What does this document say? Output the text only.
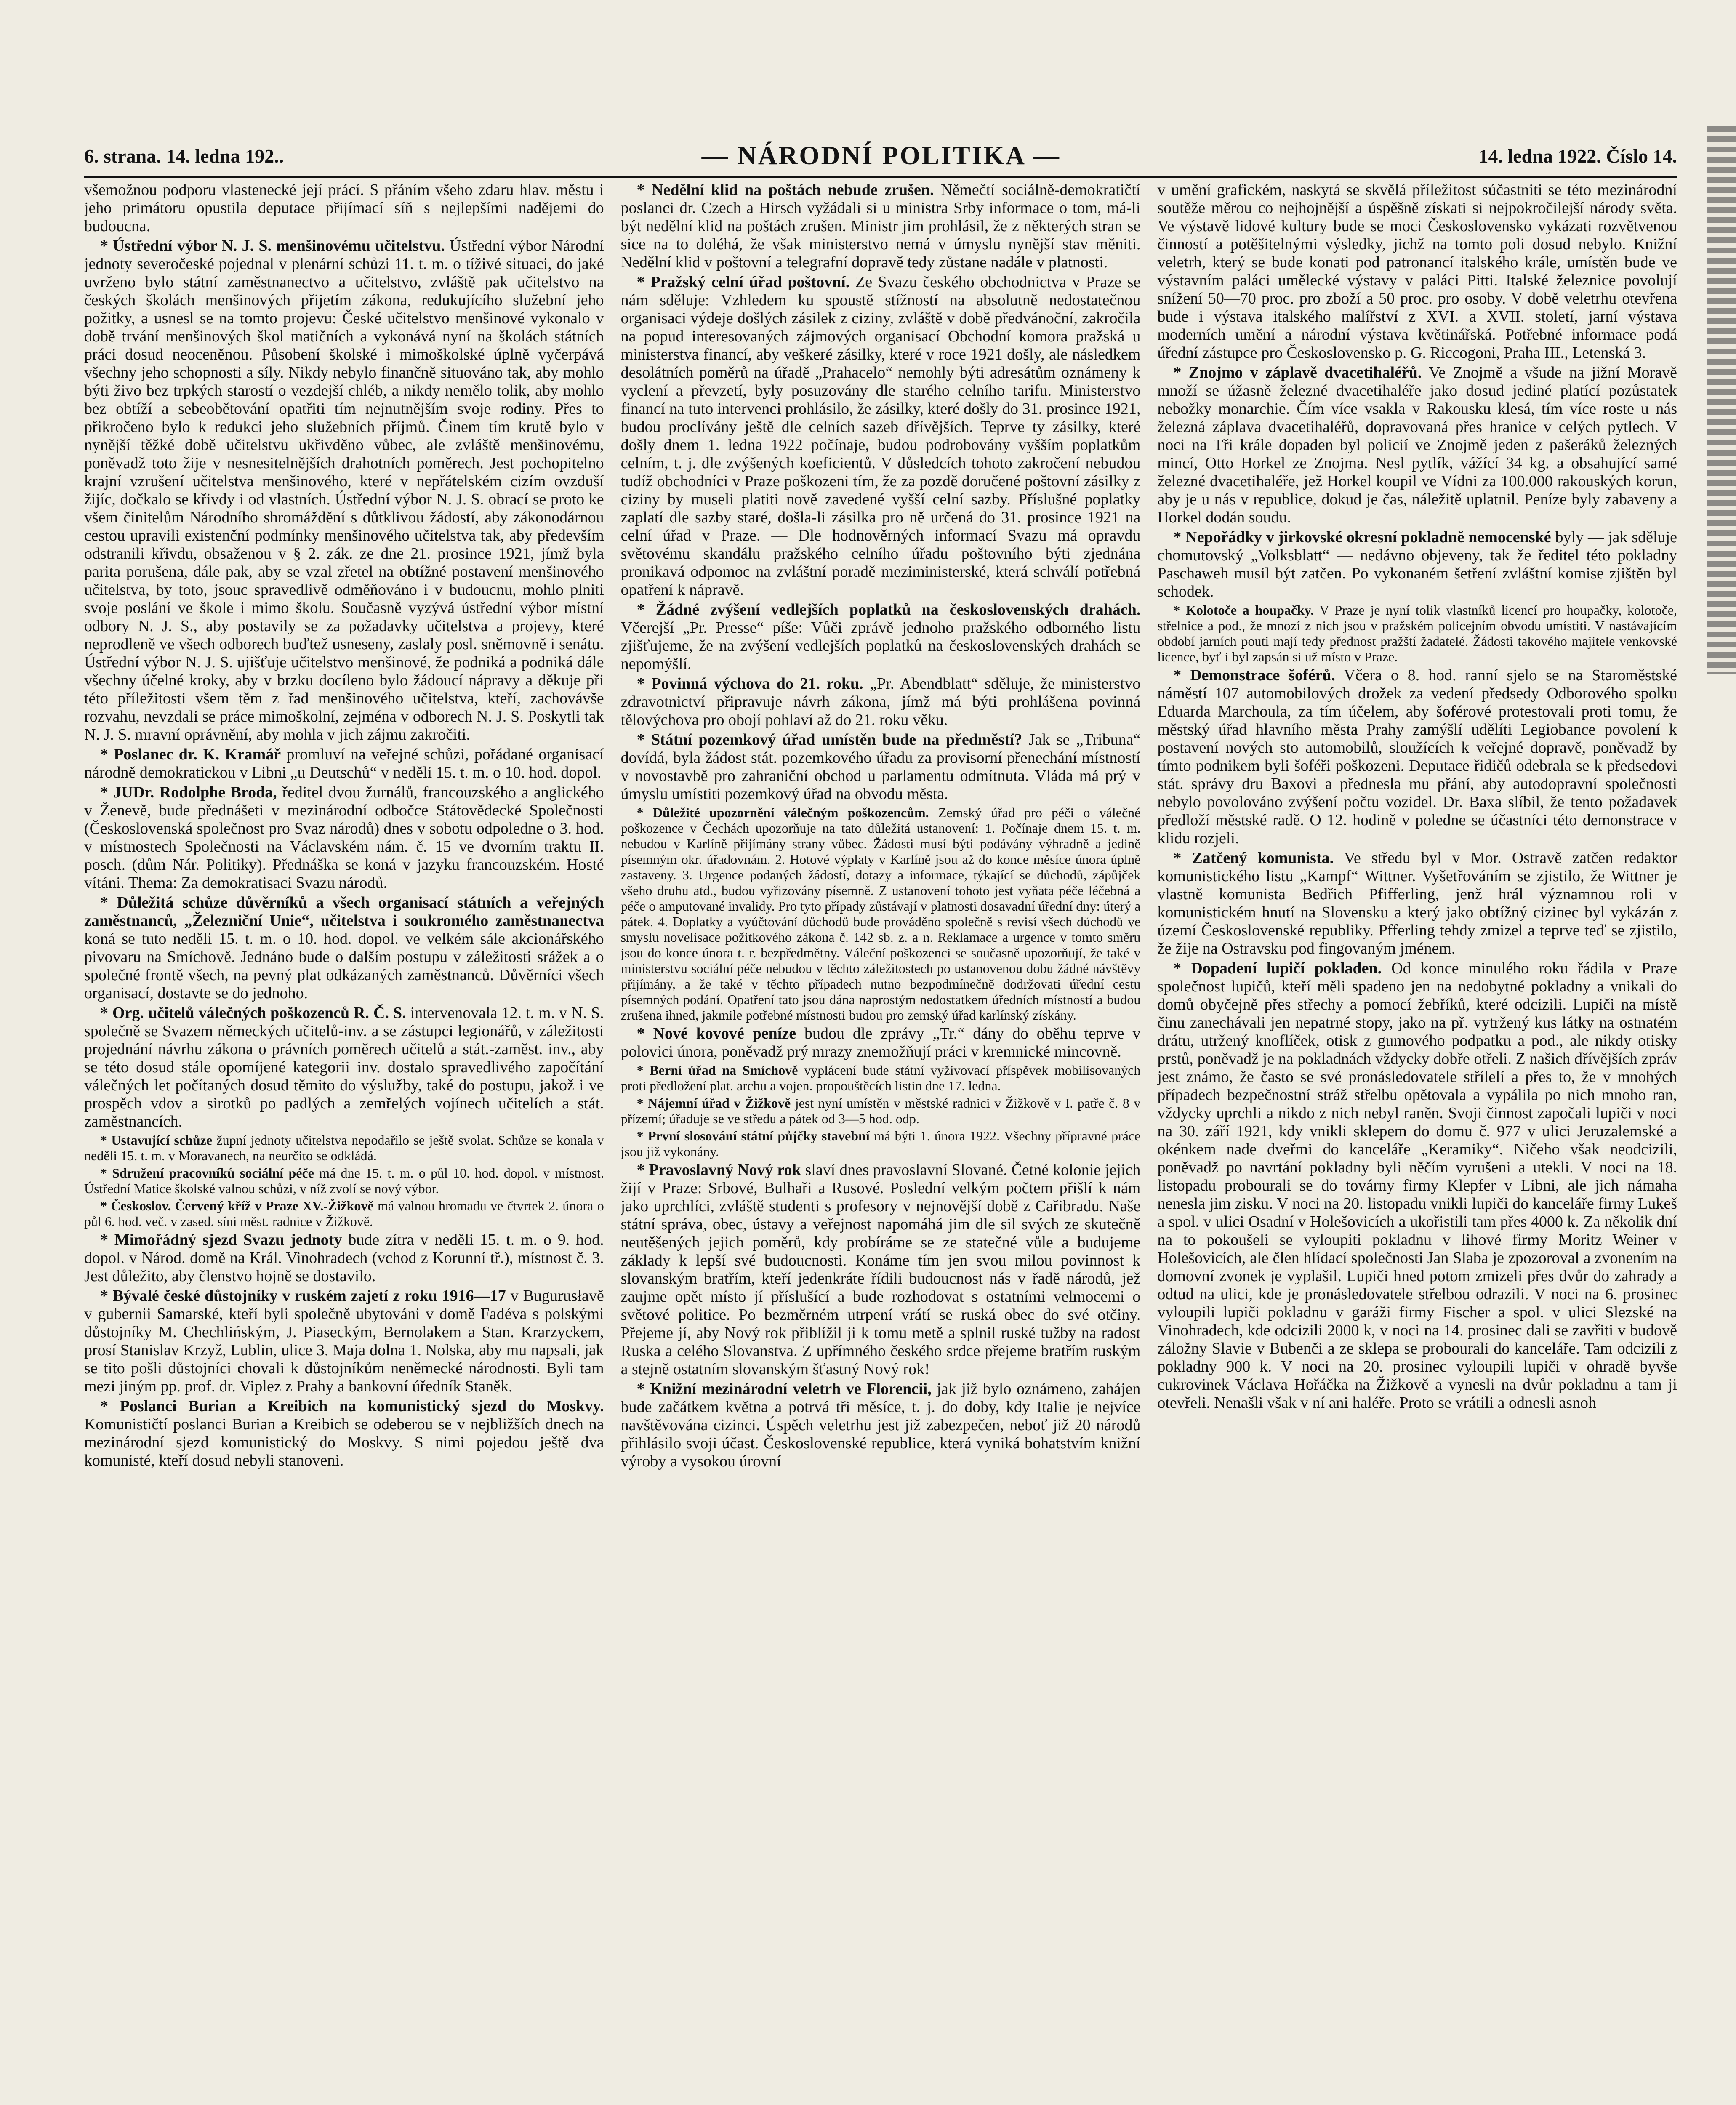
6. strana. 14. ledna 192..	— NÁRODNÍ POLITIKA —	14. ledna 1922. Číslo 14.

všemožnou podporu vlastenecké její prácí. S přáním všeho zdaru hlav. městu i jeho primátoru opustila deputace přijímací síň s nejlepšími nadějemi do budoucna.

* Ústřední výbor N. J. S. menšinovému učitelstvu. Ústřední výbor Národní jednoty severočeské pojednal v plenární schůzi 11. t. m. o tíživé situaci, do jaké uvrženo bylo státní zaměstnanectvo a učitelstvo, zvláště pak učitelstvo na českých školách menšinových přijetím zákona, redukujícího služební jeho požitky, a usnesl se na tomto projevu: České učitelstvo menšinové vykonalo v době trvání menšinových škol matičních a vykonává nyní na školách státních práci dosud neoceněnou. Působení školské i mimoškolské úplně vyčerpává všechny jeho schopnosti a síly. Nikdy nebylo finančně situováno tak, aby mohlo býti živo bez trpkých starostí o vezdejší chléb, a nikdy nemělo tolik, aby mohlo bez obtíží a sebeobětování opatřiti tím nejnutnějším svoje rodiny. Přes to přikročeno bylo k redukci jeho služebních příjmů. Činem tím krutě bylo v nynější těžké době učitelstvu ukřivděno vůbec, ale zvláště menšinovému, poněvadž toto žije v nesnesitelnějších drahotních poměrech. Jest pochopitelno krajní vzrušení učitelstva menšinového, které v nepřátelském cizím ovzduší žijíc, dočkalo se křivdy i od vlastních. Ústřední výbor N. J. S. obrací se proto ke všem činitelům Národního shromáždění s důtklivou žádostí, aby zákonodárnou cestou upravili existenční podmínky menšinového učitelstva tak, aby především odstranili křivdu, obsaženou v § 2. zák. ze dne 21. prosince 1921, jímž byla parita porušena, dále pak, aby se vzal zřetel na obtížné postavení menšinového učitelstva, by toto, jsouc spravedlivě odměňováno i v budoucnu, mohlo plniti svoje poslání ve škole i mimo školu. Současně vyzývá ústřední výbor místní odbory N. J. S., aby postavily se za požadavky učitelstva a projevy, které neprodleně ve všech odborech buďtež usneseny, zaslaly posl. sněmovně i senátu. Ústřední výbor N. J. S. ujišťuje učitelstvo menšinové, že podniká a podniká dále všechny účelné kroky, aby v brzku docíleno bylo žádoucí nápravy a děkuje při této příležitosti všem těm z řad menšinového učitelstva, kteří, zachovávše rozvahu, nevzdali se práce mimoškolní, zejména v odborech N. J. S. Poskytli tak N. J. S. mravní oprávnění, aby mohla v jich zájmu zakročiti.

* Poslanec dr. K. Kramář promluví na veřejné schůzi, pořádané organisací národně demokratickou v Libni „u Deutschů“ v neděli 15. t. m. o 10. hod. dopol.

* JUDr. Rodolphe Broda, ředitel dvou žurnálů, francouzského a anglického v Ženevě, bude přednášeti v mezinárodní odbočce Státovědecké Společnosti (Československá společnost pro Svaz národů) dnes v sobotu odpoledne o 3. hod. v místnostech Společnosti na Václavském nám. č. 15 ve dvorním traktu II. posch. (dům Nár. Politiky). Přednáška se koná v jazyku francouzském. Hosté vítáni. Thema: Za demokratisaci Svazu národů.

* Důležitá schůze důvěrníků a všech organisací státních a veřejných zaměstnanců, „Železniční Unie“, učitelstva i soukromého zaměstnanectva koná se tuto neděli 15. t. m. o 10. hod. dopol. ve velkém sále akcionářského pivovaru na Smíchově. Jednáno bude o dalším postupu v záležitosti srážek a o společné frontě všech, na pevný plat odkázaných zaměstnanců. Důvěrníci všech organisací, dostavte se do jednoho.

* Org. učitelů válečných poškozenců R. Č. S. intervenovala 12. t. m. v N. S. společně se Svazem německých učitelů-inv. a se zástupci legionářů, v záležitosti projednání návrhu zákona o právních poměrech učitelů a stát.-zaměst. inv., aby se této dosud stále opomíjené kategorii inv. dostalo spravedlivého započítání válečných let počítaných dosud těmito do výslužby, také do postupu, jakož i ve prospěch vdov a sirotků po padlých a zemřelých vojínech učitelích a stát. zaměstnancích.

* Ustavující schůze župní jednoty učitelstva nepodařilo se ještě svolat. Schůze se konala v neděli 15. t. m. v Moravanech, na neurčito se odkládá.

* Sdružení pracovníků sociální péče má dne 15. t. m. o půl 10. hod. dopol. v místnost. Ústřední Matice školské valnou schůzi, v níž zvolí se nový výbor.

* Českoslov. Červený kříž v Praze XV.-Žižkově má valnou hromadu ve čtvrtek 2. února o půl 6. hod. več. v zased. síni měst. radnice v Žižkově.

* Mimořádný sjezd Svazu jednoty bude zítra v neděli 15. t. m. o 9. hod. dopol. v Národ. domě na Král. Vinohradech (vchod z Korunní tř.), místnost č. 3. Jest důležito, aby členstvo hojně se dostavilo.

* Bývalé české důstojníky v ruském zajetí z roku 1916—17 v Bugurusłavě v gubernii Samarské, kteří byli společně ubytováni v domě Fadéva s polskými důstojníky M. Chechlińským, J. Piaseckým, Bernolakem a Stan. Krarzyckem, prosí Stanislav Krzyž, Lublin, ulice 3. Maja dolna 1. Nolska, aby mu napsali, jak se tito pošli důstojníci chovali k důstojníkům neněmecké národnosti. Byli tam mezi jiným pp. prof. dr. Viplez z Prahy a bankovní úředník Staněk.

* Poslanci Burian a Kreibich na komunistický sjezd do Moskvy. Komunističtí poslanci Burian a Kreibich se odeberou se v nejbližších dnech na mezinárodní sjezd komunistický do Moskvy. S nimi pojedou ještě dva komunisté, kteří dosud nebyli stanoveni.

* Nedělní klid na poštách nebude zrušen. Němečtí sociálně-demokratičtí poslanci dr. Czech a Hirsch vyžádali si u ministra Srby informace o tom, má-li být nedělní klid na poštách zrušen. Ministr jim prohlásil, že z některých stran se sice na to doléhá, že však ministerstvo nemá v úmyslu nynější stav měniti. Nedělní klid v poštovní a telegrafní dopravě tedy zůstane nadále v platnosti.

* Pražský celní úřad poštovní. Ze Svazu českého obchodnictva v Praze se nám sděluje: Vzhledem ku spoustě stížností na absolutně nedostatečnou organisaci výdeje došlých zásilek z ciziny, zvláště v době předvánoční, zakročila na popud interesovaných zájmových organisací Obchodní komora pražská u ministerstva financí, aby veškeré zásilky, které v roce 1921 došly, ale následkem desolátních poměrů na úřadě „Prahacelo“ nemohly býti adresátům oznámeny k vyclení a převzetí, byly posuzovány dle starého celního tarifu. Ministerstvo financí na tuto intervenci prohlásilo, že zásilky, které došly do 31. prosince 1921, budou proclívány ještě dle celních sazeb dřívějších. Teprve ty zásilky, které došly dnem 1. ledna 1922 počínaje, budou podrobovány vyšším poplatkům celním, t. j. dle zvýšených koeficientů. V důsledcích tohoto zakročení nebudou tudíž obchodníci v Praze poškozeni tím, že za pozdě doručené poštovní zásilky z ciziny by museli platiti nově zavedené vyšší celní sazby. Příslušné poplatky zaplatí dle sazby staré, došla-li zásilka pro ně určená do 31. prosince 1921 na celní úřad v Praze. — Dle hodnověrných informací Svazu má opravdu světovému skandálu pražského celního úřadu poštovního býti zjednána pronikavá odpomoc na zvláštní poradě meziministerské, která schválí potřebná opatření k nápravě.

* Žádné zvýšení vedlejších poplatků na československých drahách. Včerejší „Pr. Presse“ píše: Vůči zprávě jednoho pražského odborného listu zjišťujeme, že na zvýšení vedlejších poplatků na československých drahách se nepomýšlí.

* Povinná výchova do 21. roku. „Pr. Abendblatt“ sděluje, že ministerstvo zdravotnictví připravuje návrh zákona, jímž má býti prohlášena povinná tělovýchova pro obojí pohlaví až do 21. roku věku.

* Státní pozemkový úřad umístěn bude na předměstí? Jak se „Tribuna“ dovídá, byla žádost stát. pozemkového úřadu za provisorní přenechání místností v novostavbě pro zahraniční obchod u parlamentu odmítnuta. Vláda má prý v úmyslu umístiti pozemkový úřad na obvodu města.

* Důležité upozornění válečným poškozencům. Zemský úřad pro péči o válečné poškozence v Čechách upozorňuje na tato důležitá ustanovení: 1. Počínaje dnem 15. t. m. nebudou v Karlíně přijímány strany vůbec. Žádosti musí býti podávány výhradně a jedině písemným okr. úřadovnám. 2. Hotové výplaty v Karlíně jsou až do konce měsíce února úplně zastaveny. 3. Urgence podaných žádostí, dotazy a informace, týkající se důchodů, zápůjček všeho druhu atd., budou vyřizovány písemně. Z ustanovení tohoto jest vyňata péče léčebná a péče o amputované invalidy. Pro tyto případy zůstávají v platnosti dosavadní úřední dny: úterý a pátek. 4. Doplatky a vyúčtování důchodů bude prováděno společně s revisí všech důchodů ve smyslu novelisace požitkového zákona č. 142 sb. z. a n. Reklamace a urgence v tomto směru jsou do konce února t. r. bezpředmětny. Váleční poškozenci se současně upozorňují, že také v ministerstvu sociální péče nebudou v těchto záležitostech po ustanovenou dobu žádné návštěvy přijímány, a že také v těchto případech nutno bezpodmínečně dodržovati úřední cestu písemných podání. Opatření tato jsou dána naprostým nedostatkem úředních místností a budou zrušena ihned, jakmile potřebné místnosti budou pro zemský úřad karlínský získány.

* Nové kovové peníze budou dle zprávy „Tr.“ dány do oběhu teprve v polovici února, poněvadž prý mrazy znemožňují práci v kremnické mincovně.

* Berní úřad na Smíchově vyplácení bude státní vyživovací příspěvek mobilisovaných proti předložení plat. archu a vojen. propouštěcích listin dne 17. ledna.

* Nájemní úřad v Žižkově jest nyní umístěn v městské radnici v Žižkově v I. patře č. 8 v přízemí; úřaduje se ve středu a pátek od 3—5 hod. odp.

* První slosování státní půjčky stavební má býti 1. února 1922. Všechny přípravné práce jsou již vykonány.

* Pravoslavný Nový rok slaví dnes pravoslavní Slované. Četné kolonie jejich žijí v Praze: Srbové, Bulhaři a Rusové. Poslední velkým počtem přišlí k nám jako uprchlíci, zvláště studenti s profesory v nejnovější době z Cařibradu. Naše státní správa, obec, ústavy a veřejnost napomáhá jim dle sil svých ze skutečně neutěšených jejich poměrů, kdy probíráme se ze statečné vůle a budujeme základy k lepší své budoucnosti. Konáme tím jen svou milou povinnost k slovanským bratřím, kteří jedenkráte řídili budoucnost nás v řadě národů, jež zaujme opět místo jí příslušící a bude rozhodovat s ostatními velmocemi o světové politice. Po bezměrném utrpení vrátí se ruská obec do své otčiny. Přejeme jí, aby Nový rok přiblížil ji k tomu metě a splnil ruské tužby na radost Ruska a celého Slovanstva. Z upřímného českého srdce přejeme bratřím ruským a stejně ostatním slovanským šťastný Nový rok!

* Knižní mezinárodní veletrh ve Florencii, jak již bylo oznámeno, zahájen bude začátkem května a potrvá tři měsíce, t. j. do doby, kdy Italie je nejvíce navštěvována cizinci. Úspěch veletrhu jest již zabezpečen, neboť již 20 národů přihlásilo svoji účast. Československé republice, která vyniká bohatstvím knižní výroby a vysokou úrovní

v umění grafickém, naskytá se skvělá příležitost súčastniti se této mezinárodní soutěže měrou co nejhojnější a úspěšně získati si nejpokročilejší národy světa. Ve výstavě lidové kultury bude se moci Československo vykázati rozvětvenou činností a potěšitelnými výsledky, jichž na tomto poli dosud nebylo. Knižní veletrh, který se bude konati pod patronancí italského krále, umístěn bude ve výstavním paláci umělecké výstavy v paláci Pitti. Italské železnice povolují snížení 50—70 proc. pro zboží a 50 proc. pro osoby. V době veletrhu otevřena bude i výstava italského malířství z XVI. a XVII. století, jarní výstava moderních umění a národní výstava květinářská. Potřebné informace podá úřední zástupce pro Československo p. G. Riccogoni, Praha III., Letenská 3.

* Znojmo v záplavě dvacetihaléřů. Ve Znojmě a všude na jižní Moravě množí se úžasně železné dvacetihaléře jako dosud jediné platící pozůstatek nebožky monarchie. Čím více vsakla v Rakousku klesá, tím více roste u nás železná záplava dvacetihaléřů, dopravovaná přes hranice v celých pytlech. V noci na Tři krále dopaden byl policií ve Znojmě jeden z pašeráků železných mincí, Otto Horkel ze Znojma. Nesl pytlík, vážící 34 kg. a obsahující samé železné dvacetihaléře, jež Horkel koupil ve Vídni za 100.000 rakouských korun, aby je u nás v republice, dokud je čas, náležitě uplatnil. Peníze byly zabaveny a Horkel dodán soudu.

* Nepořádky v jirkovské okresní pokladně nemocenské byly — jak sděluje chomutovský „Volksblatt“ — nedávno objeveny, tak že ředitel této pokladny Paschaweh musil být zatčen. Po vykonaném šetření zvláštní komise zjištěn byl schodek.

* Kolotoče a houpačky. V Praze je nyní tolik vlastníků licencí pro houpačky, kolotoče, střelnice a pod., že mnozí z nich jsou v pražském policejním obvodu umístiti. V nastávajícím období jarních pouti mají tedy přednost pražští žadatelé. Žádosti takového majitele venkovské licence, byť i byl zapsán si už místo v Praze.

* Demonstrace šoférů. Včera o 8. hod. ranní sjelo se na Staroměstské náměstí 107 automobilových drožek za vedení předsedy Odborového spolku Eduarda Marchoula, za tím účelem, aby šoférové protestovali proti tomu, že městský úřad hlavního města Prahy zamýšlí udělíti Legiobance povolení k postavení nových sto automobilů, sloužících k veřejné dopravě, poněvadž by tímto podnikem byli šoféři poškozeni. Deputace řidičů odebrala se k předsedovi stát. správy dru Baxovi a přednesla mu přání, aby autodopravní společnosti nebylo povolováno zvýšení počtu vozidel. Dr. Baxa slíbil, že tento požadavek předloží městské radě. O 12. hodině v poledne se účastníci této demonstrace v klidu rozjeli.

* Zatčený komunista. Ve středu byl v Mor. Ostravě zatčen redaktor komunistického listu „Kampf“ Wittner. Vyšetřováním se zjistilo, že Wittner je vlastně komunista Bedřich Pfifferling, jenž hrál významnou roli v komunistickém hnutí na Slovensku a který jako obtížný cizinec byl vykázán z území Československé republiky. Pfferling tehdy zmizel a teprve teď se zjistilo, že žije na Ostravsku pod fingovaným jménem.

* Dopadení lupičí pokladen. Od konce minulého roku řádila v Praze společnost lupičů, kteří měli spadeno jen na nedobytné pokladny a vnikali do domů obyčejně přes střechy a pomocí žebříků, které odcizili. Lupiči na místě činu zanechávali jen nepatrné stopy, jako na př. vytržený kus látky na ostnatém drátu, utržený knoflíček, otisk z gumového podpatku a pod., ale nikdy otisky prstů, poněvadž je na pokladnách vždycky dobře otřeli. Z našich dřívějších zpráv jest známo, že často se své pronásledovatele střílelí a přes to, že v mnohých případech bezpečnostní stráž střelbu opětovala a vypálila po nich mnoho ran, vždycky uprchli a nikdo z nich nebyl raněn. Svoji činnost započali lupiči v noci na 30. září 1921, kdy vnikli sklepem do domu č. 977 v ulici Jeruzalemské a okénkem nade dveřmi do kanceláře „Keramiky“. Ničeho však neodcizili, poněvadž po navrtání pokladny byli něčím vyrušeni a utekli. V noci na 18. listopadu probourali se do továrny firmy Klepfer v Libni, ale jich námaha nenesla jim zisku. V noci na 20. listopadu vnikli lupiči do kanceláře firmy Lukeš a spol. v ulici Osadní v Holešovicích a ukořistili tam přes 4000 k. Za několik dní na to pokoušeli se vyloupiti pokladnu v lihové firmy Moritz Weiner v Holešovicích, ale člen hlídací společnosti Jan Slaba je zpozoroval a zvonením na domovní zvonek je vyplašil. Lupiči hned potom zmizeli přes dvůr do zahrady a odtud na ulici, kde je pronásledovatele střelbou odrazili. V noci na 6. prosinec vyloupili lupiči pokladnu v garáži firmy Fischer a spol. v ulici Slezské na Vinohradech, kde odcizili 2000 k, v noci na 14. prosinec dali se zavřiti v budově záložny Slavie v Bubenči a ze sklepa se probourali do kanceláře. Tam odcizili z pokladny 900 k. V noci na 20. prosinec vyloupili lupiči v ohradě byvše cukrovinek Václava Hořáčka na Žižkově a vynesli na dvůr pokladnu a tam ji otevřeli. Nenašli však v ní ani haléře. Proto se vrátili a odnesli asnoh
